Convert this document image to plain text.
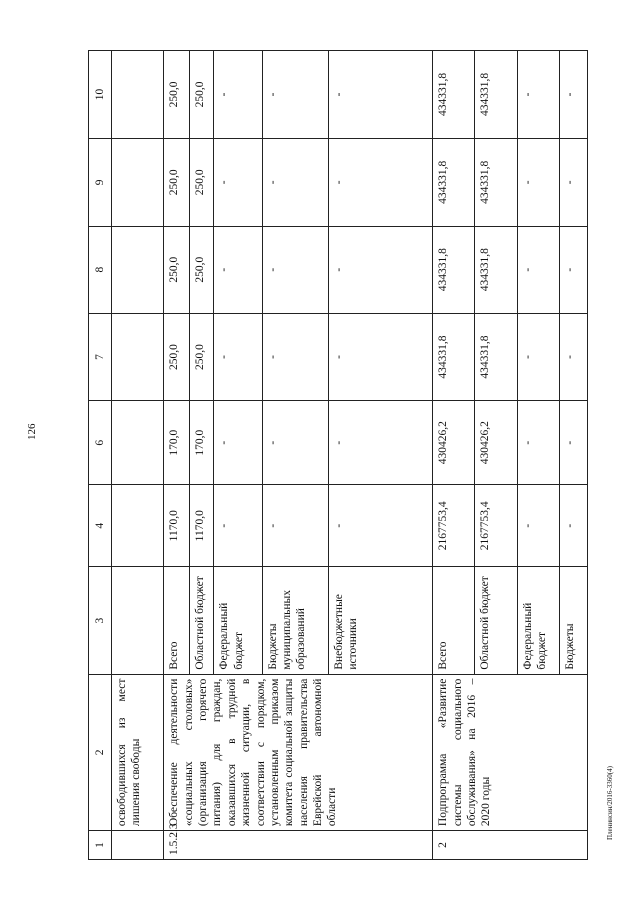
126
Пленинсин/2016-3360(4)
1	2	3	4	6	7	8	9	10
	освободившихся из мест лишения свободы							
1.5.2.3	Обеспечение деятельности «социальных столовых» (организация горячего питания) для граждан, оказавшихся в трудной жизненной ситуации, в соответствии с порядком, установленным приказом комитета социальной защиты населения правительства Еврейской автономной области	Всего	1170,0	170,0	250,0	250,0	250,0	250,0
		Областной бюджет	1170,0	170,0	250,0	250,0	250,0	250,0
		Федеральный бюджет	-	-	-	-	-	-
		Бюджеты муниципальных образований	-	-	-	-	-	-
		Внебюджетные источники	-	-	-	-	-	-
2	Подпрограмма «Развитие системы социального обслуживания» на 2016 – 2020 годы	Всего	2167753,4	430426,2	434331,8	434331,8	434331,8	434331,8
		Областной бюджет	2167753,4	430426,2	434331,8	434331,8	434331,8	434331,8
		Федеральный бюджет	-	-	-	-	-	-
		Бюджеты	-	-	-	-	-	-
